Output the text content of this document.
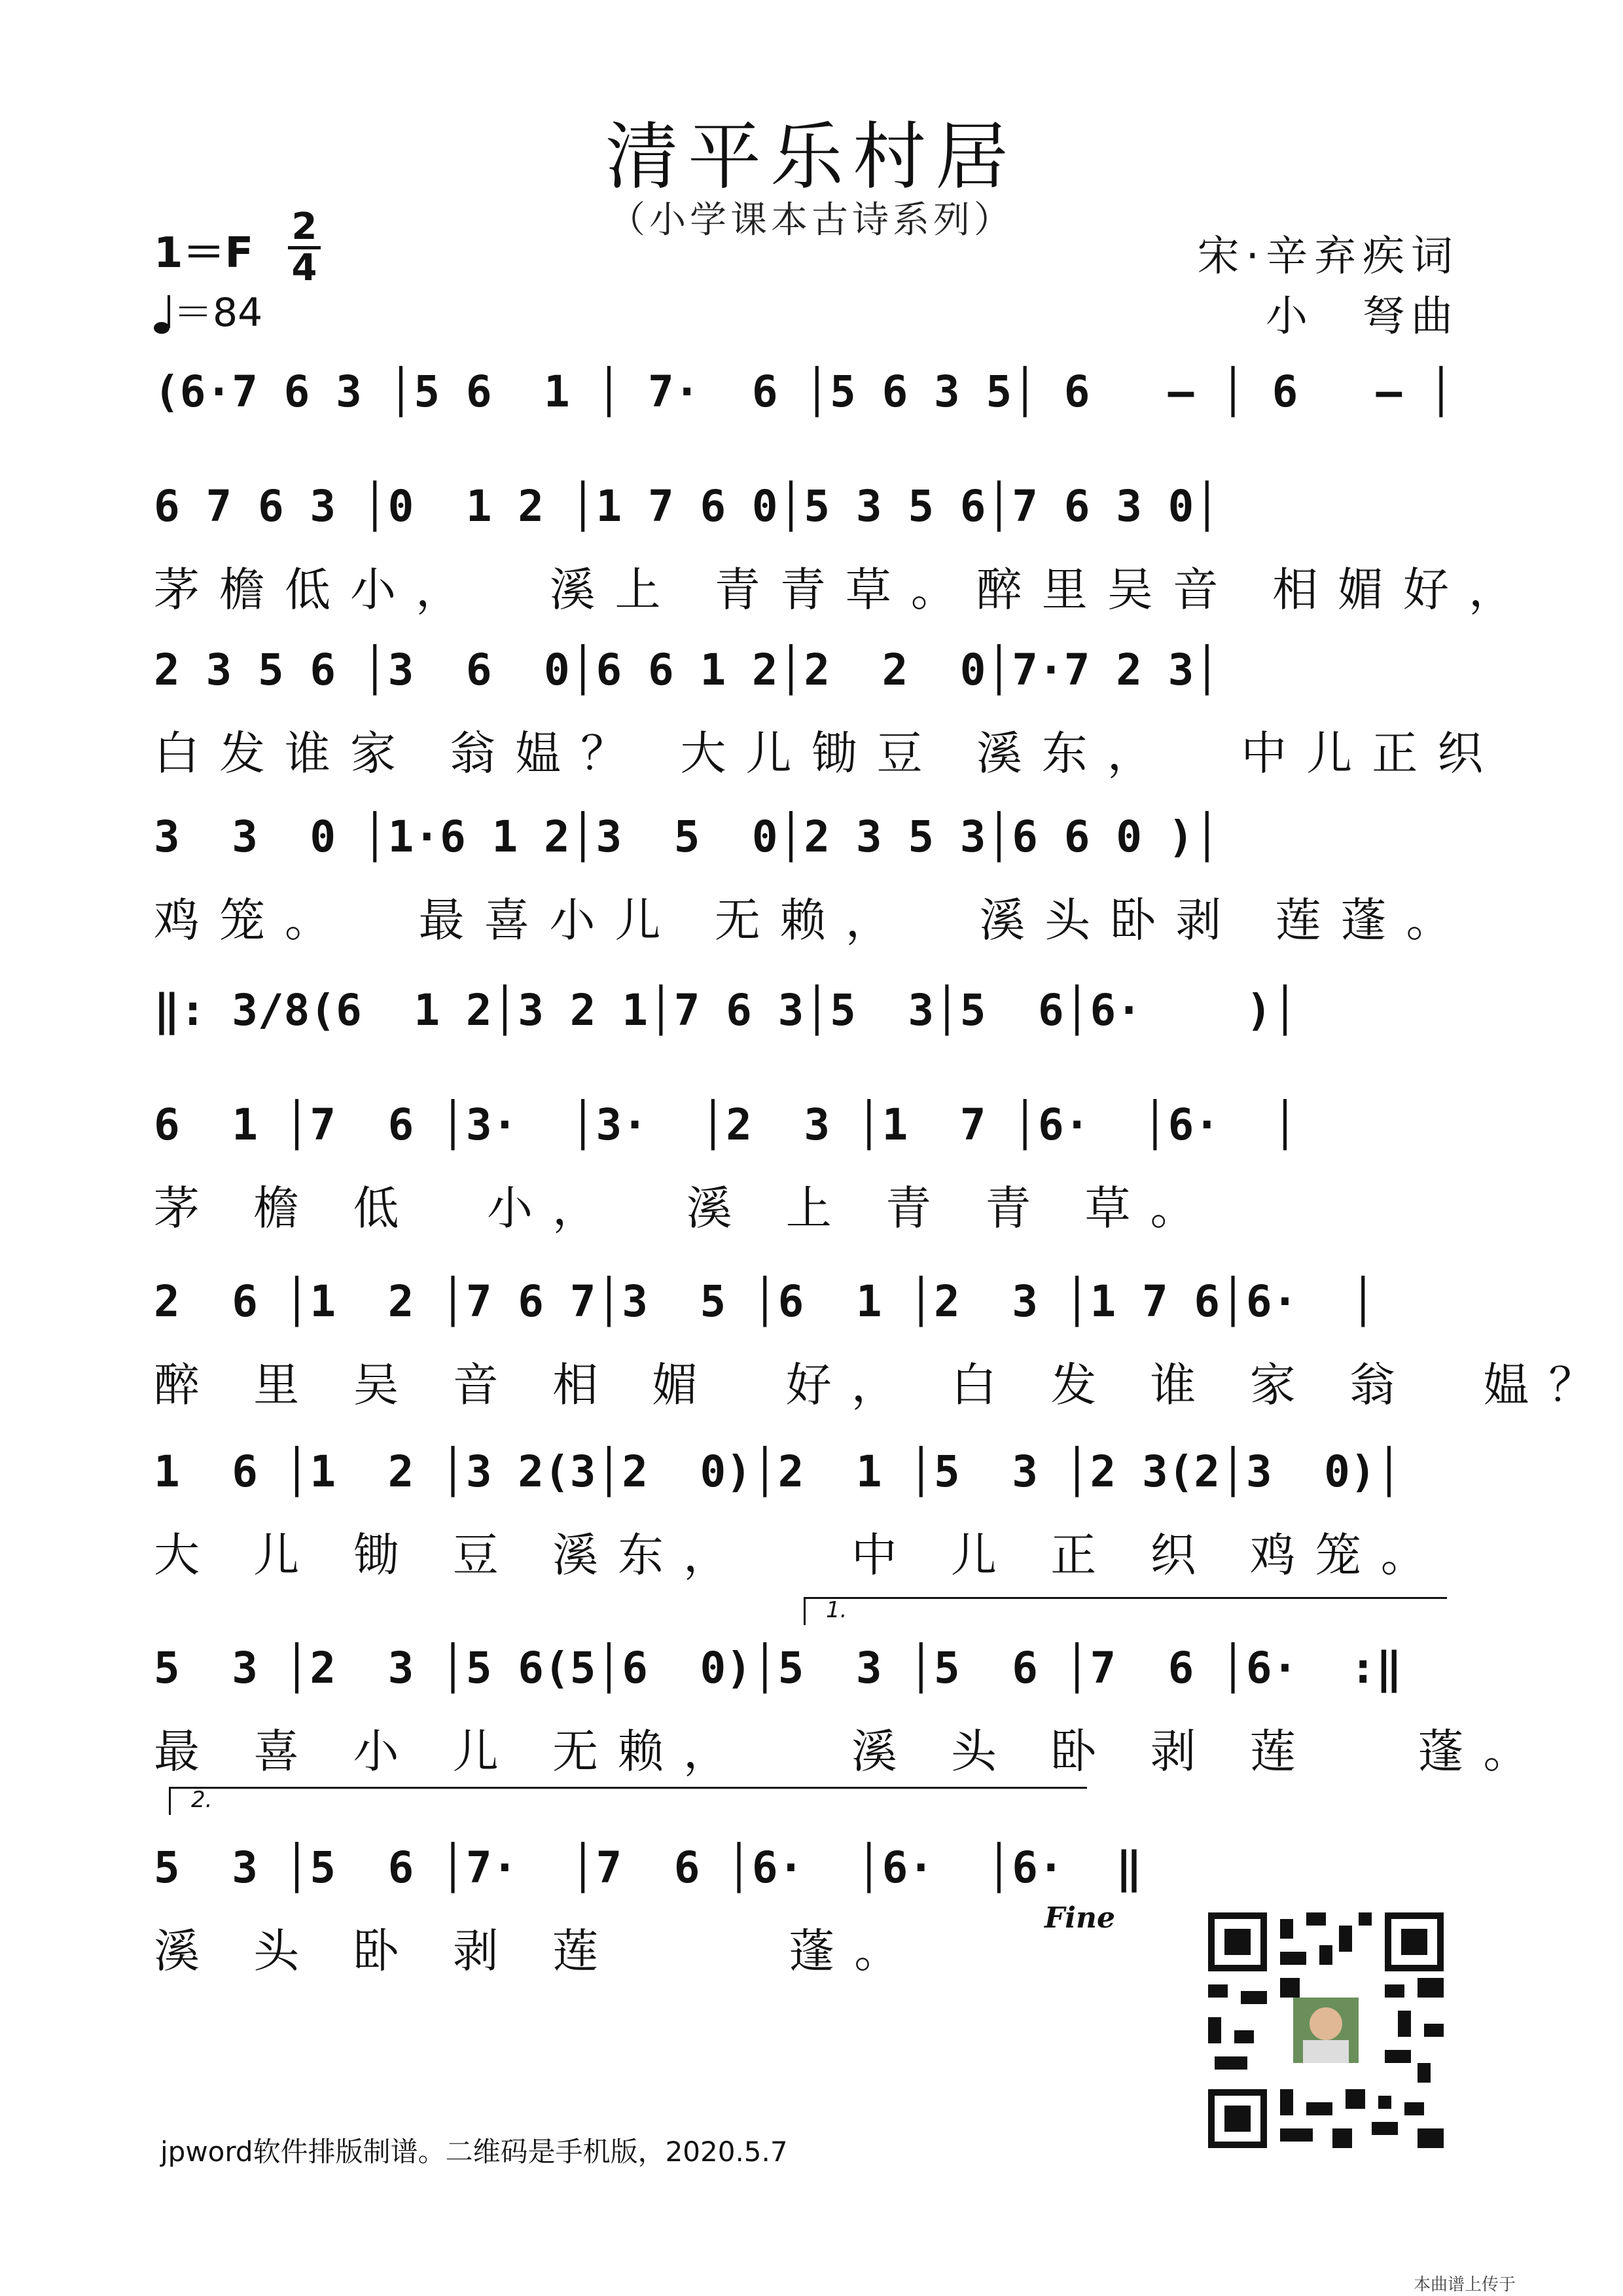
清平乐村居
（小学课本古诗系列）
1＝F
2
4
＝84
宋·辛弃疾词
小　弩曲
(6·7 6 3 │5 6  1 │ 7·  6 │5 6 3 5│ 6   – │ 6   – │
6 7 6 3 │0  1 2 │1 7 6 0│5 3 5 6│7 6 3 0│
茅檐低小，  溪上 青青草。醉里吴音 相媚好，
2 3 5 6 │3  6  0│6 6 1 2│2  2  0│7·7 2 3│
白发谁家 翁媪？ 大儿锄豆 溪东，  中儿正织
3  3  0 │1·6 1 2│3  5  0│2 3 5 3│6 6 0 )│
鸡笼。  最喜小儿 无赖，  溪头卧剥 莲蓬。
‖: 3/8(6  1 2│3 2 1│7 6 3│5  3│5  6│6·    )│
6  1 │7  6 │3·  │3·  │2  3 │1  7 │6·  │6·  │
茅 檐 低  小，  溪 上 青 青 草。
2  6 │1  2 │7 6 7│3  5 │6  1 │2  3 │1 7 6│6·  │
醉 里 吴 音 相 媚  好， 白 发 谁 家 翁  媪？
1  6 │1  2 │3 2(3│2  0)│2  1 │5  3 │2 3(2│3  0)│
大 儿 锄 豆 溪东，   中 儿 正 织 鸡笼。
1.
5  3 │2  3 │5 6(5│6  0)│5  3 │5  6 │7  6 │6·  :‖
最 喜 小 儿 无赖，   溪 头 卧 剥 莲   蓬。
2.
5  3 │5  6 │7·  │7  6 │6·  │6·  │6·  ‖
溪 头 卧 剥 莲     蓬。
Fine
jpword软件排版制谱。二维码是手机版，2020.5.7
本曲谱上传于
